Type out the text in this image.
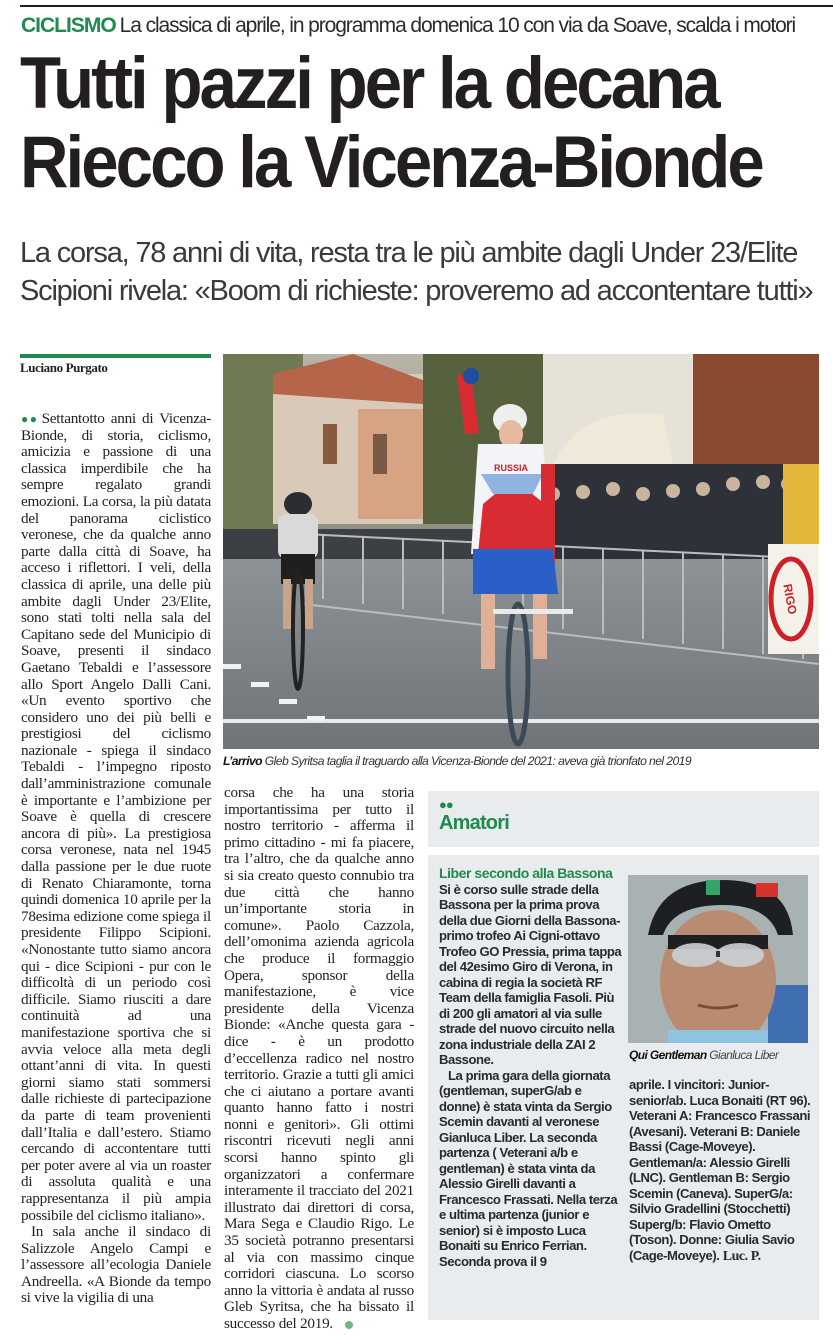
CICLISMO La classica di aprile, in programma domenica 10 con via da Soave, scalda i motori
Tutti pazzi per la decana
Riecco la Vicenza-Bionde
La corsa, 78 anni di vita, resta tra le più ambite dagli Under 23/Elite
Scipioni rivela: «Boom di richieste: proveremo ad accontentare tutti»
Luciano Purgato

●● Settantotto anni di Vicenza-Bionde, di storia, ciclismo, amicizia e passione di una classica imperdibile che ha sempre regalato grandi emozioni. La corsa, la più datata del panorama ciclistico veronese, che da qualche anno parte dalla città di Soave, ha acceso i riflettori. I veli, della classica di aprile, una delle più ambite dagli Under 23/Elite, sono stati tolti nella sala del Capitano sede del Municipio di Soave, presenti il sindaco Gaetano Tebaldi e l’assessore allo Sport Angelo Dalli Cani. «Un evento sportivo che considero uno dei più belli e prestigiosi del ciclismo nazionale - spiega il sindaco Tebaldi - l’impegno riposto dall’amministrazione comunale è importante e l’ambizione per Soave è quella di crescere ancora di più». La prestigiosa corsa veronese, nata nel 1945 dalla passione per le due ruote di Renato Chiaramonte, torna quindi domenica 10 aprile per la 78esima edizione come spiega il presidente Filippo Scipioni. «Nonostante tutto siamo ancora qui - dice Scipioni - pur con le difficoltà di un periodo così difficile. Siamo riusciti a dare continuità ad una manifestazione sportiva che si avvia veloce alla meta degli ottant’anni di vita. In questi giorni siamo stati sommersi dalle richieste di partecipazione da parte di team provenienti dall’Italia e dall’estero. Stiamo cercando di accontentare tutti per poter avere al via un roaster di assoluta qualità e una rappresentanza il più ampia possibile del ciclismo italiano».

In sala anche il sindaco di Salizzole Angelo Campi e l’assessore all’ecologia Daniele Andreella. «A Bionde da tempo si vive la vigilia di una

RIGO
RUSSIA
L’arrivo Gleb Syritsa taglia il traguardo alla Vicenza-Bionde del 2021: aveva già trionfato nel 2019

corsa che ha una storia importantissima per tutto il nostro territorio - afferma il primo cittadino - mi fa piacere, tra l’altro, che da qualche anno si sia creato questo connubio tra due città che hanno un’importante storia in comune». Paolo Cazzola, dell’omonima azienda agricola che produce il formaggio Opera, sponsor della manifestazione, è vice presidente della Vicenza Bionde: «Anche questa gara - dice - è un prodotto d’eccellenza radico nel nostro territorio. Grazie a tutti gli amici che ci aiutano a portare avanti quanto hanno fatto i nostri nonni e genitori». Gli ottimi riscontri ricevuti negli anni scorsi hanno spinto gli organizzatori a confermare interamente il tracciato del 2021 illustrato dai direttori di corsa, Mara Sega e Claudio Rigo. Le 35 società potranno presentarsi al via con massimo cinque corridori ciascuna. Lo scorso anno la vittoria è andata al russo Gleb Syritsa, che ha bissato il successo del 2019.

●●
Amatori

Liber secondo alla Bassona Si è corso sulle strade della Bassona per la prima prova della due Giorni della Bassona-primo trofeo Ai Cigni-ottavo Trofeo GO Pressia, prima tappa del 42esimo Giro di Verona, in cabina di regia la società RF Team della famiglia Fasoli. Più di 200 gli amatori al via sulle strade del nuovo circuito nella zona industriale della ZAI 2 Bassone.

La prima gara della giornata (gentleman, superG/ab e donne) è stata vinta da Sergio Scemin davanti al veronese Gianluca Liber. La seconda partenza ( Veterani a/b e gentleman) è stata vinta da Alessio Girelli davanti a Francesco Frassati. Nella terza e ultima partenza (junior e senior) si è imposto Luca Bonaiti su Enrico Ferrian. Seconda prova il 9

Qui Gentleman Gianluca Liber

aprile. I vincitori: Junior-senior/ab. Luca Bonaiti (RT 96). Veterani A: Francesco Frassani (Avesani). Veterani B: Daniele Bassi (Cage-Moveye). Gentleman/a: Alessio Girelli (LNC). Gentleman B: Sergio Scemin (Caneva). SuperG/a: Silvio Gradellini (Stocchetti) Superg/b: Flavio Ometto (Toson). Donne: Giulia Savio (Cage-Moveye). Luc. P.
